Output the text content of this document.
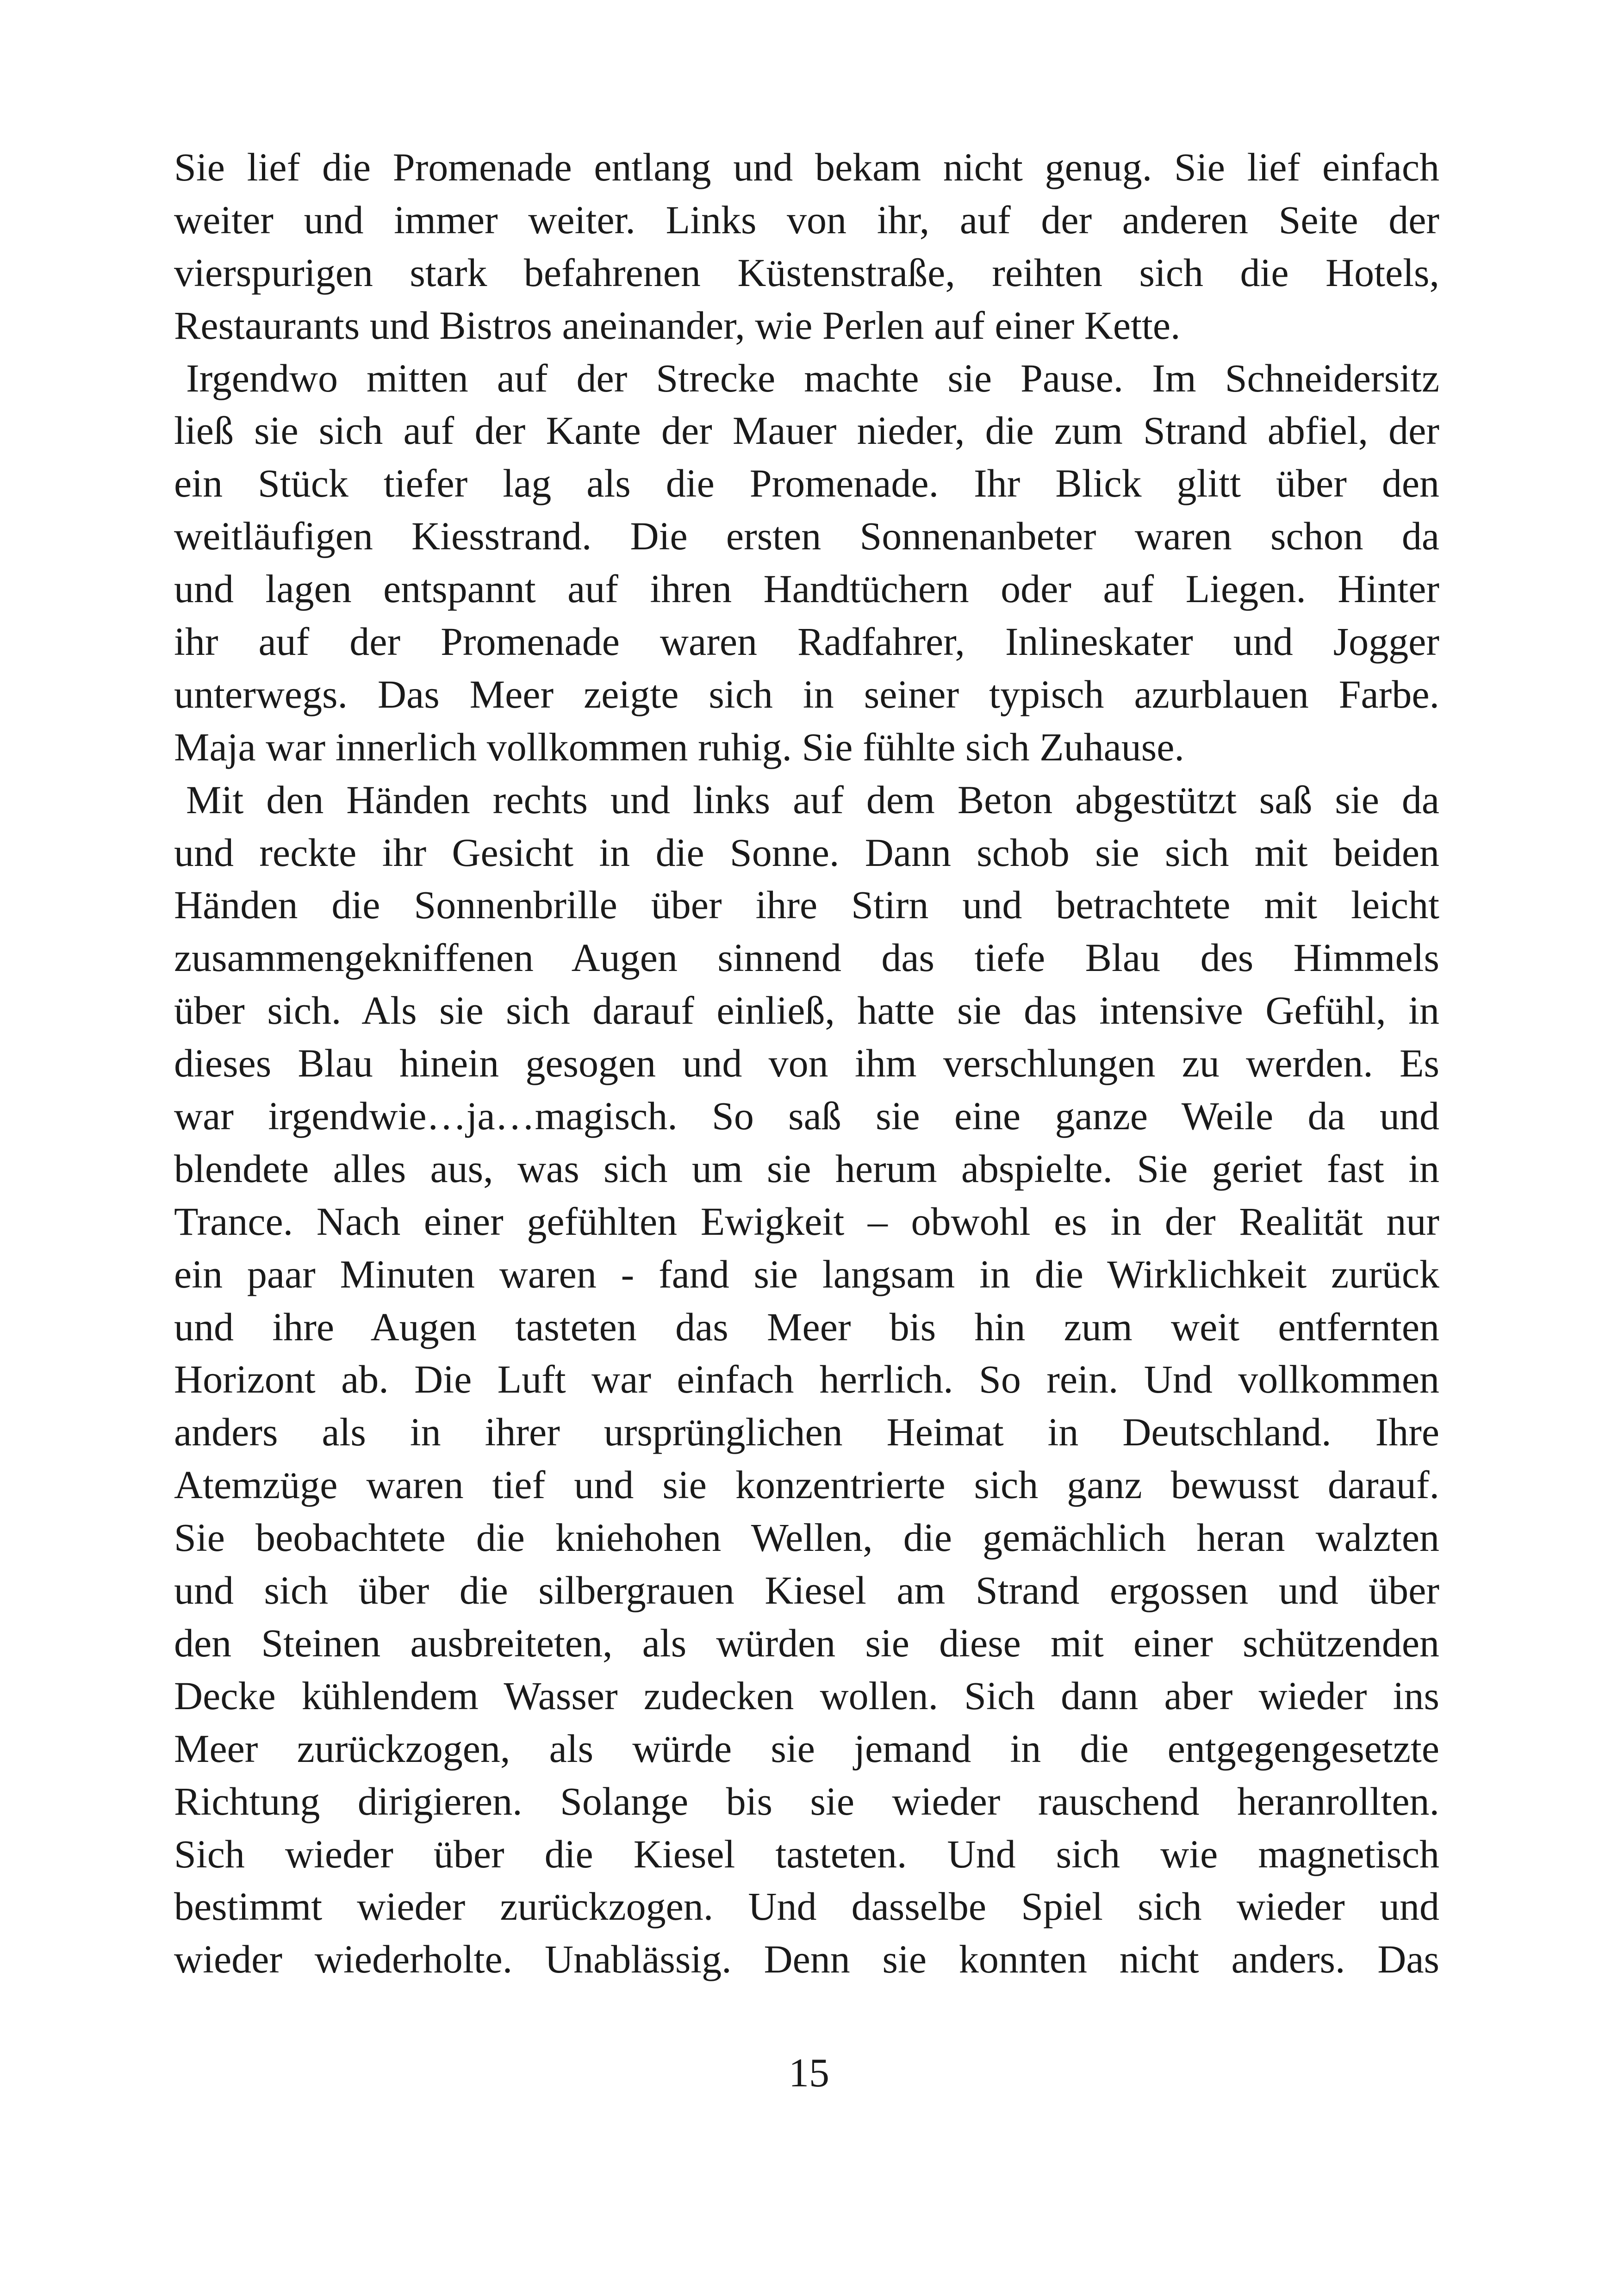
Sie lief die Promenade entlang und bekam nicht genug. Sie lief einfach
weiter und immer weiter. Links von ihr, auf der anderen Seite der
vierspurigen stark befahrenen Küstenstraße, reihten sich die Hotels,
Restaurants und Bistros aneinander, wie Perlen auf einer Kette.
Irgendwo mitten auf der Strecke machte sie Pause. Im Schneidersitz
ließ sie sich auf der Kante der Mauer nieder, die zum Strand abfiel, der
ein Stück tiefer lag als die Promenade. Ihr Blick glitt über den
weitläufigen Kiesstrand. Die ersten Sonnenanbeter waren schon da
und lagen entspannt auf ihren Handtüchern oder auf Liegen. Hinter
ihr auf der Promenade waren Radfahrer, Inlineskater und Jogger
unterwegs. Das Meer zeigte sich in seiner typisch azurblauen Farbe.
Maja war innerlich vollkommen ruhig. Sie fühlte sich Zuhause.
Mit den Händen rechts und links auf dem Beton abgestützt saß sie da
und reckte ihr Gesicht in die Sonne. Dann schob sie sich mit beiden
Händen die Sonnenbrille über ihre Stirn und betrachtete mit leicht
zusammengekniffenen Augen sinnend das tiefe Blau des Himmels
über sich. Als sie sich darauf einließ, hatte sie das intensive Gefühl, in
dieses Blau hinein gesogen und von ihm verschlungen zu werden. Es
war irgendwie…ja…magisch. So saß sie eine ganze Weile da und
blendete alles aus, was sich um sie herum abspielte. Sie geriet fast in
Trance. Nach einer gefühlten Ewigkeit – obwohl es in der Realität nur
ein paar Minuten waren - fand sie langsam in die Wirklichkeit zurück
und ihre Augen tasteten das Meer bis hin zum weit entfernten
Horizont ab. Die Luft war einfach herrlich. So rein. Und vollkommen
anders als in ihrer ursprünglichen Heimat in Deutschland. Ihre
Atemzüge waren tief und sie konzentrierte sich ganz bewusst darauf.
Sie beobachtete die kniehohen Wellen, die gemächlich heran walzten
und sich über die silbergrauen Kiesel am Strand ergossen und über
den Steinen ausbreiteten, als würden sie diese mit einer schützenden
Decke kühlendem Wasser zudecken wollen. Sich dann aber wieder ins
Meer zurückzogen, als würde sie jemand in die entgegengesetzte
Richtung dirigieren. Solange bis sie wieder rauschend heranrollten.
Sich wieder über die Kiesel tasteten. Und sich wie magnetisch
bestimmt wieder zurückzogen. Und dasselbe Spiel sich wieder und
wieder wiederholte. Unablässig. Denn sie konnten nicht anders. Das
15
